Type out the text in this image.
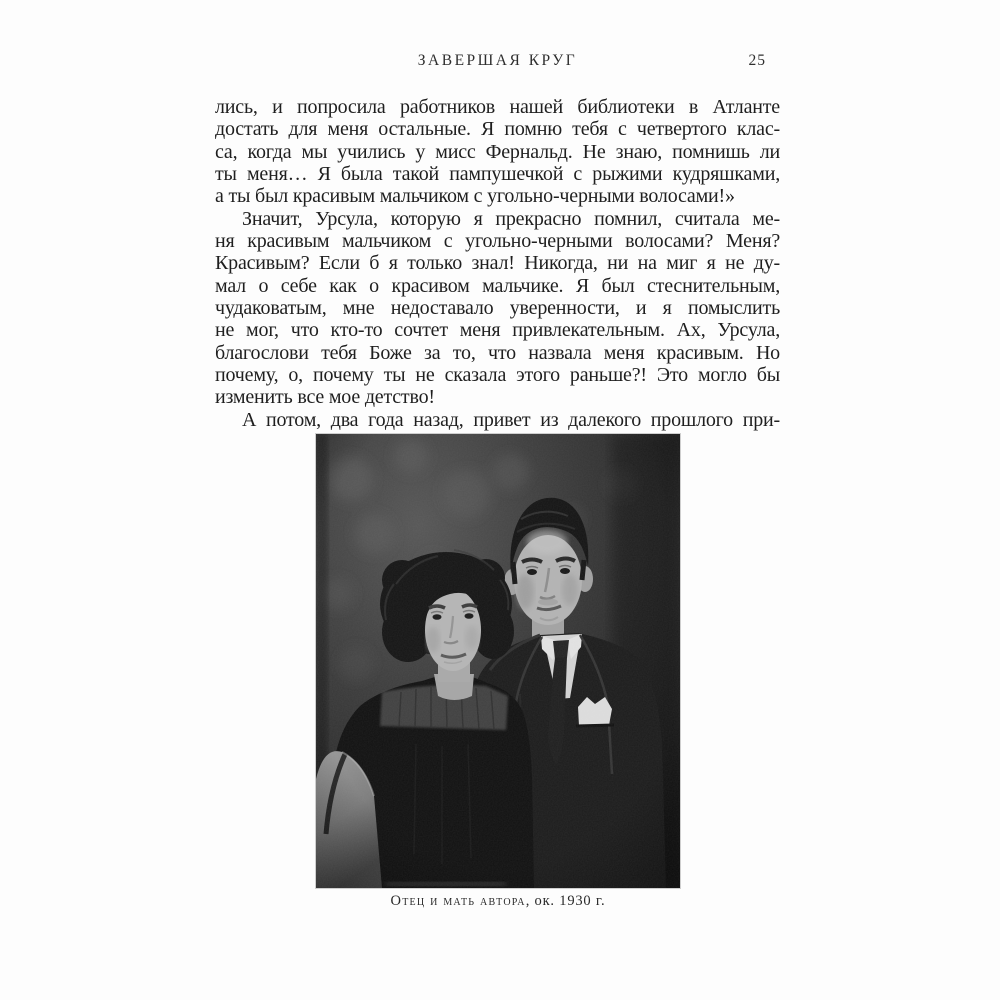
ЗАВЕРШАЯ КРУГ	25
лись, и попросила работников нашей библиотеки в Атланте
достать для меня остальные. Я помню тебя с четвертого клас-
са, когда мы учились у мисс Фернальд. Не знаю, помнишь ли
ты меня… Я была такой пампушечкой с рыжими кудряшками,
а ты был красивым мальчиком с угольно-черными волосами!»
Значит, Урсула, которую я прекрасно помнил, считала ме-
ня красивым мальчиком с угольно-черными волосами? Меня?
Красивым? Если б я только знал! Никогда, ни на миг я не ду-
мал о себе как о красивом мальчике. Я был стеснительным,
чудаковатым, мне недоставало уверенности, и я помыслить
не мог, что кто-то сочтет меня привлекательным. Ах, Урсула,
благослови тебя Боже за то, что назвала меня красивым. Но
почему, о, почему ты не сказала этого раньше?! Это могло бы
изменить все мое детство!
А потом, два года назад, привет из далекого прошлого при-
Отец и мать автора, ок. 1930 г.
